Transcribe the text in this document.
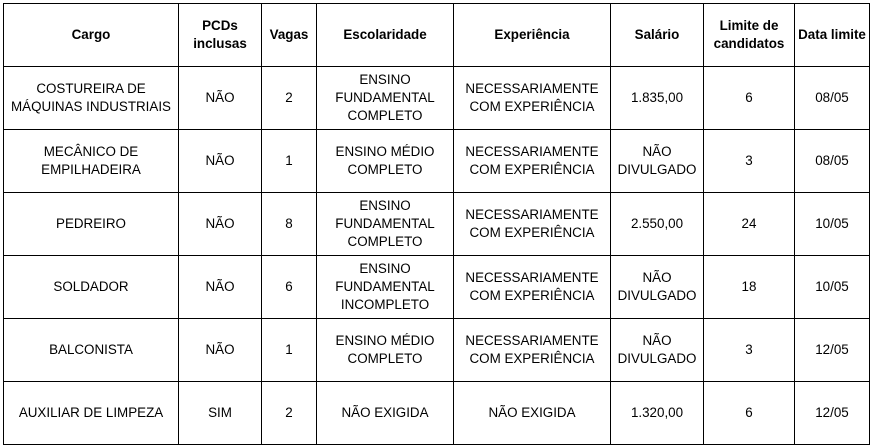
Cargo	PCDs inclusas	Vagas	Escolaridade	Experiência	Salário	Limite de candidatos	Data limite
COSTUREIRA DE MÁQUINAS INDUSTRIAIS	NÃO	2	ENSINO FUNDAMENTAL COMPLETO	NECESSARIAMENTE COM EXPERIÊNCIA	1.835,00	6	08/05
MECÂNICO DE EMPILHADEIRA	NÃO	1	ENSINO MÉDIO COMPLETO	NECESSARIAMENTE COM EXPERIÊNCIA	NÃO DIVULGADO	3	08/05
PEDREIRO	NÃO	8	ENSINO FUNDAMENTAL COMPLETO	NECESSARIAMENTE COM EXPERIÊNCIA	2.550,00	24	10/05
SOLDADOR	NÃO	6	ENSINO FUNDAMENTAL INCOMPLETO	NECESSARIAMENTE COM EXPERIÊNCIA	NÃO DIVULGADO	18	10/05
BALCONISTA	NÃO	1	ENSINO MÉDIO COMPLETO	NECESSARIAMENTE COM EXPERIÊNCIA	NÃO DIVULGADO	3	12/05
AUXILIAR DE LIMPEZA	SIM	2	NÃO EXIGIDA	NÃO EXIGIDA	1.320,00	6	12/05
